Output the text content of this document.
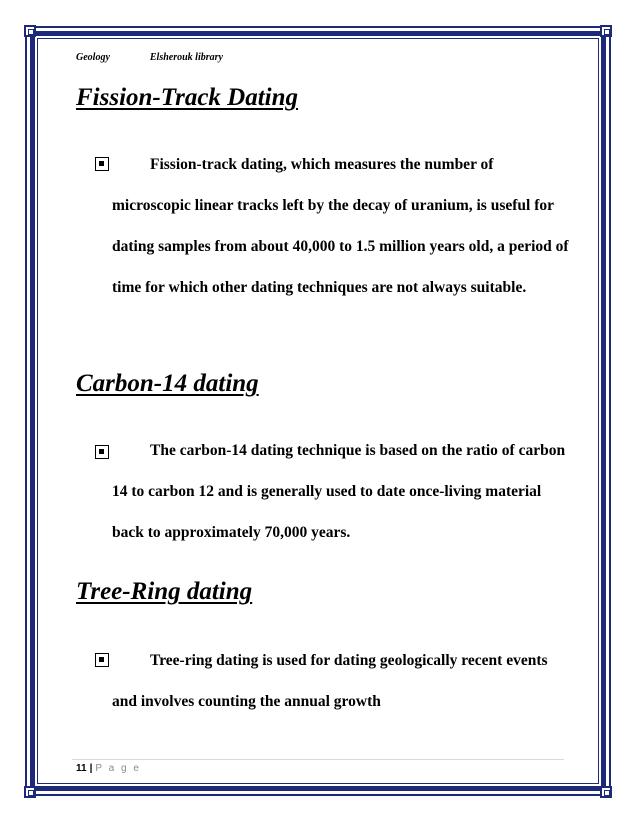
Geology	Elsherouk library
Fission-Track Dating

Fission-track dating, which measures the number of microscopic linear tracks left by the decay of uranium, is useful for dating samples from about 40,000 to 1.5 million years old, a period of time for which other dating techniques are not always suitable.

Carbon-14 dating

The carbon-14 dating technique is based on the ratio of carbon 14 to carbon 12 and is generally used to date once-living material back to approximately 70,000 years.

Tree-Ring dating

Tree-ring dating is used for dating geologically recent events and involves counting the annual growth

11 | P a g e
